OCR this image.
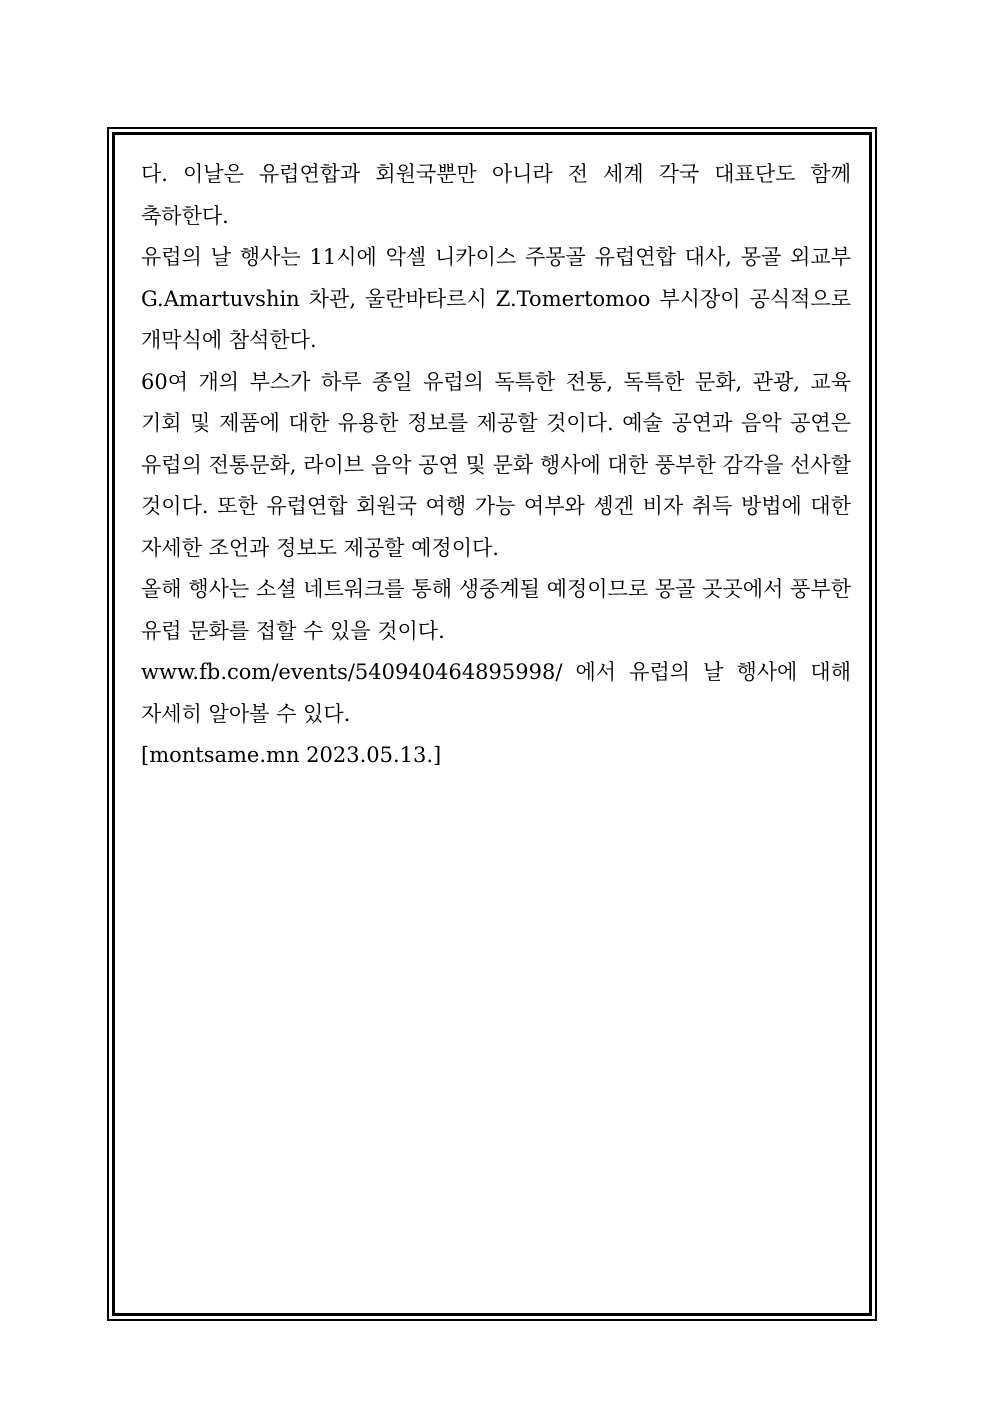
다. 이날은 유럽연합과 회원국뿐만 아니라 전 세계 각국 대표단도 함께 축하한다.

유럽의 날 행사는 11시에 악셀 니카이스 주몽골 유럽연합 대사, 몽골 외교부 G.Amartuvshin 차관, 울란바타르시 Z.Tomertomoo 부시장이 공식적으로 개막식에 참석한다.

60여 개의 부스가 하루 종일 유럽의 독특한 전통, 독특한 문화, 관광, 교육 기회 및 제품에 대한 유용한 정보를 제공할 것이다. 예술 공연과 음악 공연은 유럽의 전통문화, 라이브 음악 공연 및 문화 행사에 대한 풍부한 감각을 선사할 것이다. 또한 유럽연합 회원국 여행 가능 여부와 솅겐 비자 취득 방법에 대한 자세한 조언과 정보도 제공할 예정이다.

올해 행사는 소셜 네트워크를 통해 생중계될 예정이므로 몽골 곳곳에서 풍부한 유럽 문화를 접할 수 있을 것이다.

www.fb.com/events/540940464895998/ 에서 유럽의 날 행사에 대해 자세히 알아볼 수 있다.

[montsame.mn 2023.05.13.]
